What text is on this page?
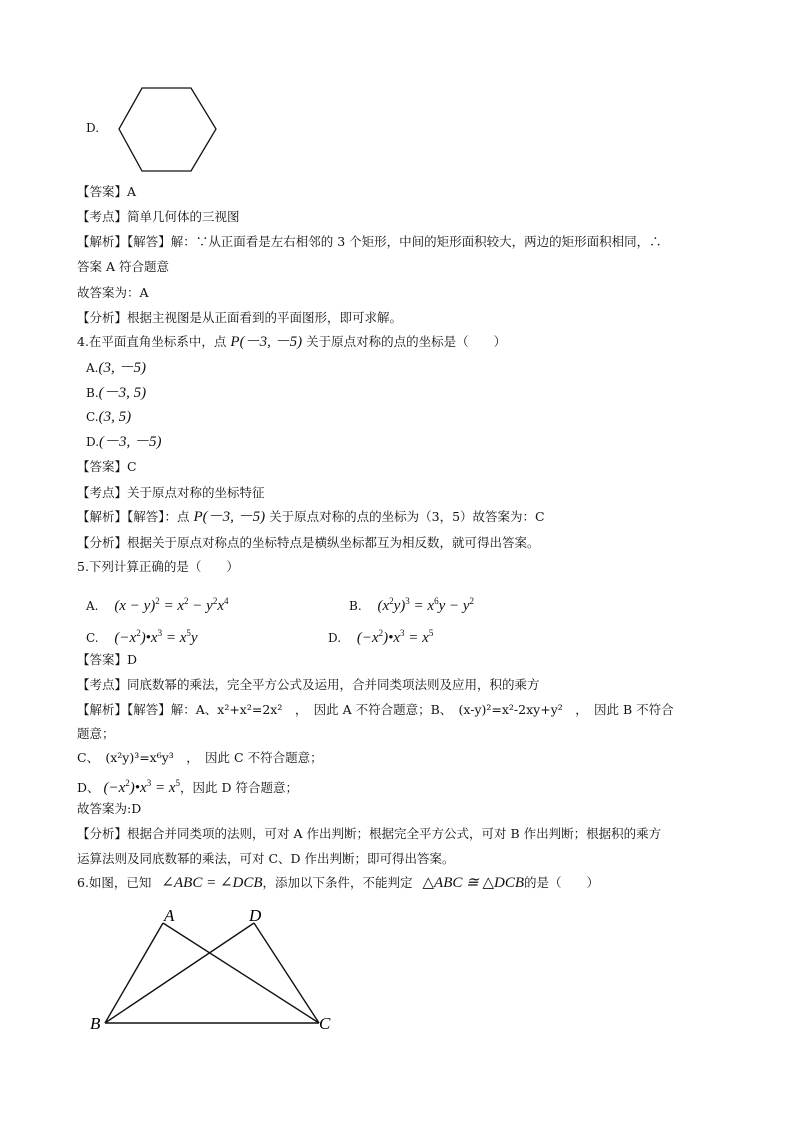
D.
【答案】A
【考点】简单几何体的三视图
【解析】【解答】解：∵从正面看是左右相邻的 3 个矩形，中间的矩形面积较大，两边的矩形面积相同，∴
答案 A 符合题意
故答案为：A
【分析】根据主视图是从正面看到的平面图形，即可求解。
4.在平面直角坐标系中，点 P(－3, －5) 关于原点对称的点的坐标是（　　）
A.(3, －5)
B.(－3, 5)
C.(3, 5)
D.(－3, －5)
【答案】C
【考点】关于原点对称的坐标特征
【解析】【解答】：点 P(－3, －5) 关于原点对称的点的坐标为（3，5）故答案为：C
【分析】根据关于原点对称点的坐标特点是横纵坐标都互为相反数，就可得出答案。
5.下列计算正确的是（　　）
A. $(x - y)^2 = x^2 - y^2x^4$	B. $(x^2y)^3 = x^6y - y^2$
C. $(-x^2)•x^3 = x^5y$	D. $(-x^2)•x^3 = x^5$
【答案】D
【考点】同底数幂的乘法，完全平方公式及运用，合并同类项法则及应用，积的乘方
【解析】【解答】解：A、x²+x²=2x²　，　因此 A 不符合题意；B、　(x-y)²=x²-2xy+y²　，　因此 B 不符合
题意；
C、　(x²y)³=x⁶y³　，　因此 C 不符合题意；
D、 $(-x^2)•x^3 = x^5$，因此 D 符合题意；
故答案为:D
【分析】根据合并同类项的法则，可对 A 作出判断；根据完全平方公式，可对 B 作出判断；根据积的乘方
运算法则及同底数幂的乘法，可对 C、D 作出判断；即可得出答案。
6.如图，已知 ∠ABC = ∠DCB，添加以下条件，不能判定 △ABC ≅ △DCB的是（　　）
A	D
B	C
